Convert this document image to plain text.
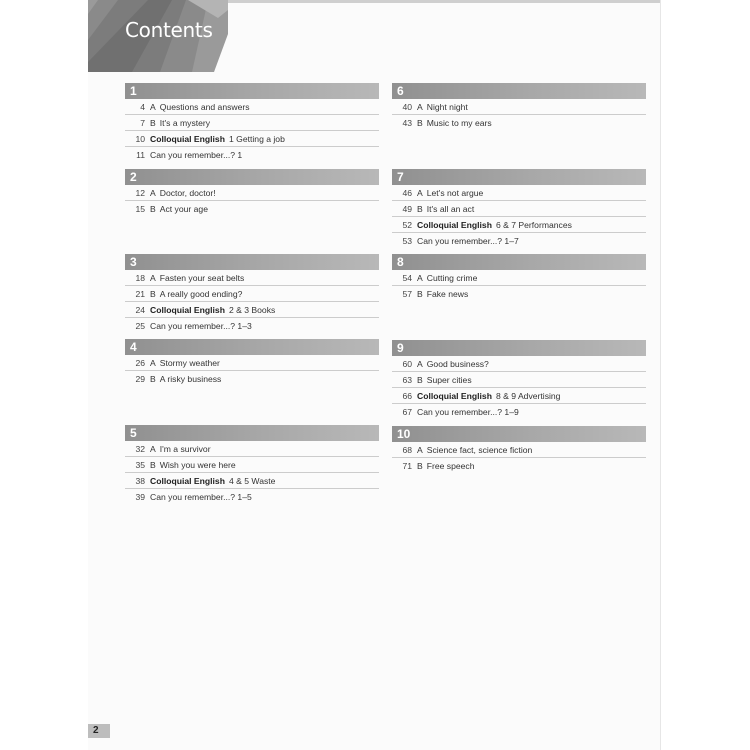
Contents
1
4 A Questions and answers
7 B It's a mystery
10 Colloquial English 1 Getting a job
11 Can you remember...? 1
2
12 A Doctor, doctor!
15 B Act your age
3
18 A Fasten your seat belts
21 B A really good ending?
24 Colloquial English 2 & 3 Books
25 Can you remember...? 1–3
4
26 A Stormy weather
29 B A risky business
5
32 A I'm a survivor
35 B Wish you were here
38 Colloquial English 4 & 5 Waste
39 Can you remember...? 1–5
6
40 A Night night
43 B Music to my ears
7
46 A Let's not argue
49 B It's all an act
52 Colloquial English 6 & 7 Performances
53 Can you remember...? 1–7
8
54 A Cutting crime
57 B Fake news
9
60 A Good business?
63 B Super cities
66 Colloquial English 8 & 9 Advertising
67 Can you remember...? 1–9
10
68 A Science fact, science fiction
71 B Free speech
2
